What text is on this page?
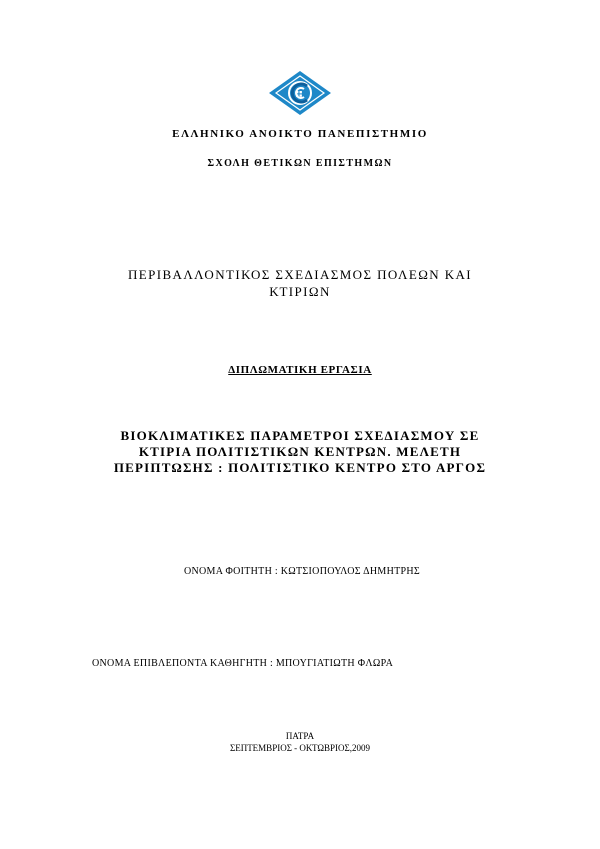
ΕΛΛΗΝΙΚΟ ΑΝΟΙΚΤΟ ΠΑΝΕΠΙΣΤΗΜΙΟ

ΣΧΟΛΗ ΘΕΤΙΚΩΝ ΕΠΙΣΤΗΜΩΝ

ΠΕΡΙΒΑΛΛΟΝΤΙΚΟΣ ΣΧΕΔΙΑΣΜΟΣ ΠΟΛΕΩΝ ΚΑΙ
ΚΤΙΡΙΩΝ

ΔΙΠΛΩΜΑΤΙΚΗ ΕΡΓΑΣΙΑ

ΒΙΟΚΛΙΜΑΤΙΚΕΣ ΠΑΡΑΜΕΤΡΟΙ ΣΧΕΔΙΑΣΜΟΥ ΣΕ
ΚΤΙΡΙΑ ΠΟΛΙΤΙΣΤΙΚΩΝ ΚΕΝΤΡΩΝ. ΜΕΛΕΤΗ
ΠΕΡΙΠΤΩΣΗΣ : ΠΟΛΙΤΙΣΤΙΚΟ ΚΕΝΤΡΟ ΣΤΟ ΑΡΓΟΣ

ΟΝΟΜΑ ΦΟΙΤΗΤΗ : ΚΩΤΣΙΟΠΟΥΛΟΣ ΔΗΜΗΤΡΗΣ

ΟΝΟΜΑ ΕΠΙΒΛΕΠΟΝΤΑ ΚΑΘΗΓΗΤΗ : ΜΠΟΥΓΙΑΤΙΩΤΗ ΦΛΩΡΑ

ΠΑΤΡΑ

ΣΕΠΤΕΜΒΡΙΟΣ - ΟΚΤΩΒΡΙΟΣ,2009
